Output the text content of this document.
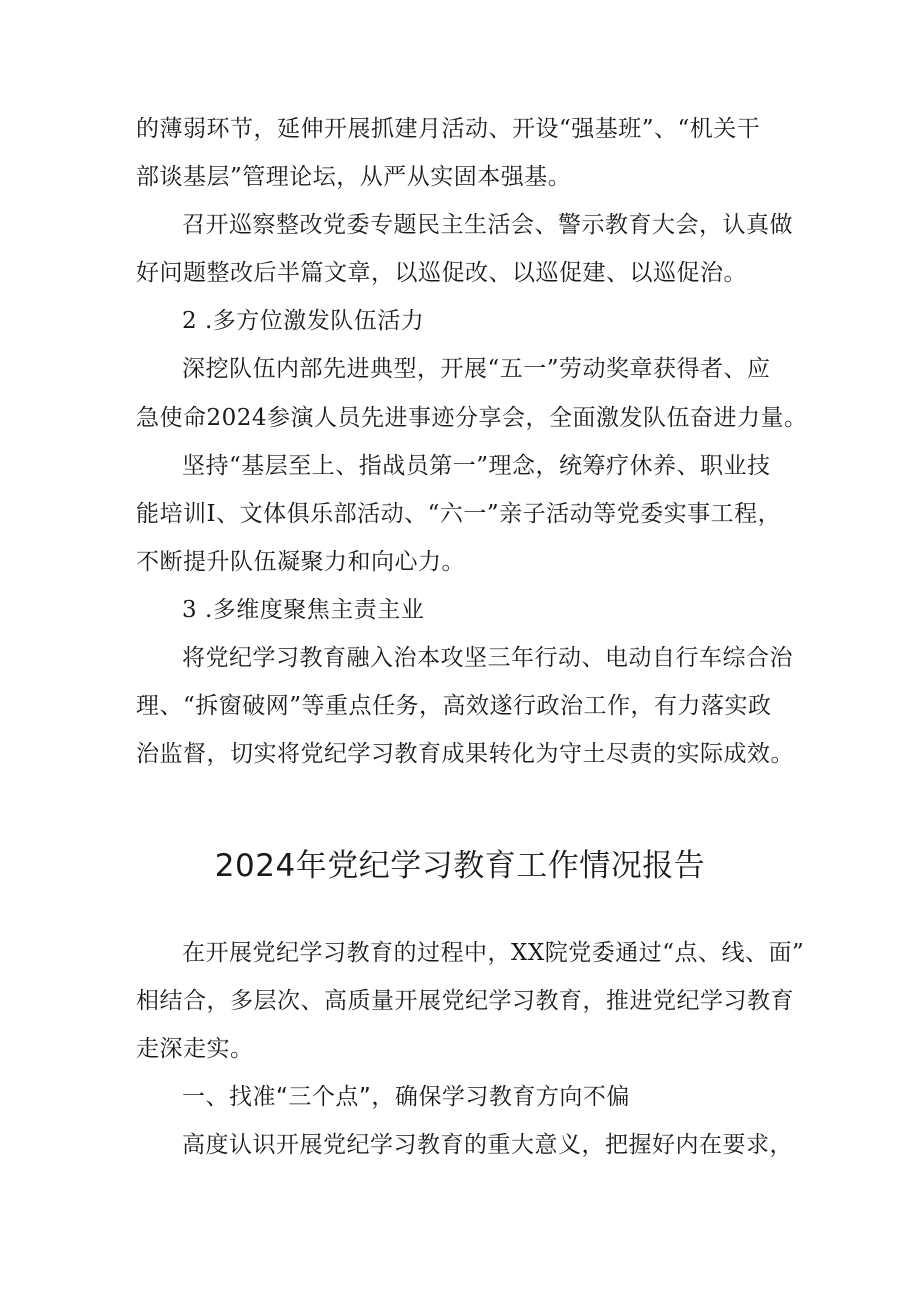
的薄弱环节，延伸开展抓建月活动、开设“强基班”、“机关干
部谈基层”管理论坛，从严从实固本强基。
召开巡察整改党委专题民主生活会、警示教育大会，认真做
好问题整改后半篇文章，以巡促改、以巡促建、以巡促治。
2 .多方位激发队伍活力
深挖队伍内部先进典型，开展“五一”劳动奖章获得者、应
急使命2024参演人员先进事迹分享会，全面激发队伍奋进力量。
坚持“基层至上、指战员第一”理念，统筹疗休养、职业技
能培训I、文体俱乐部活动、“六一”亲子活动等党委实事工程，
不断提升队伍凝聚力和向心力。
3 .多维度聚焦主责主业
将党纪学习教育融入治本攻坚三年行动、电动自行车综合治
理、“拆窗破网”等重点任务，高效遂行政治工作，有力落实政
治监督，切实将党纪学习教育成果转化为守土尽责的实际成效。
2024年党纪学习教育工作情况报告
在开展党纪学习教育的过程中，XX院党委通过“点、线、面”
相结合，多层次、高质量开展党纪学习教育，推进党纪学习教育
走深走实。
一、找准“三个点”，确保学习教育方向不偏
高度认识开展党纪学习教育的重大意义，把握好内在要求，
